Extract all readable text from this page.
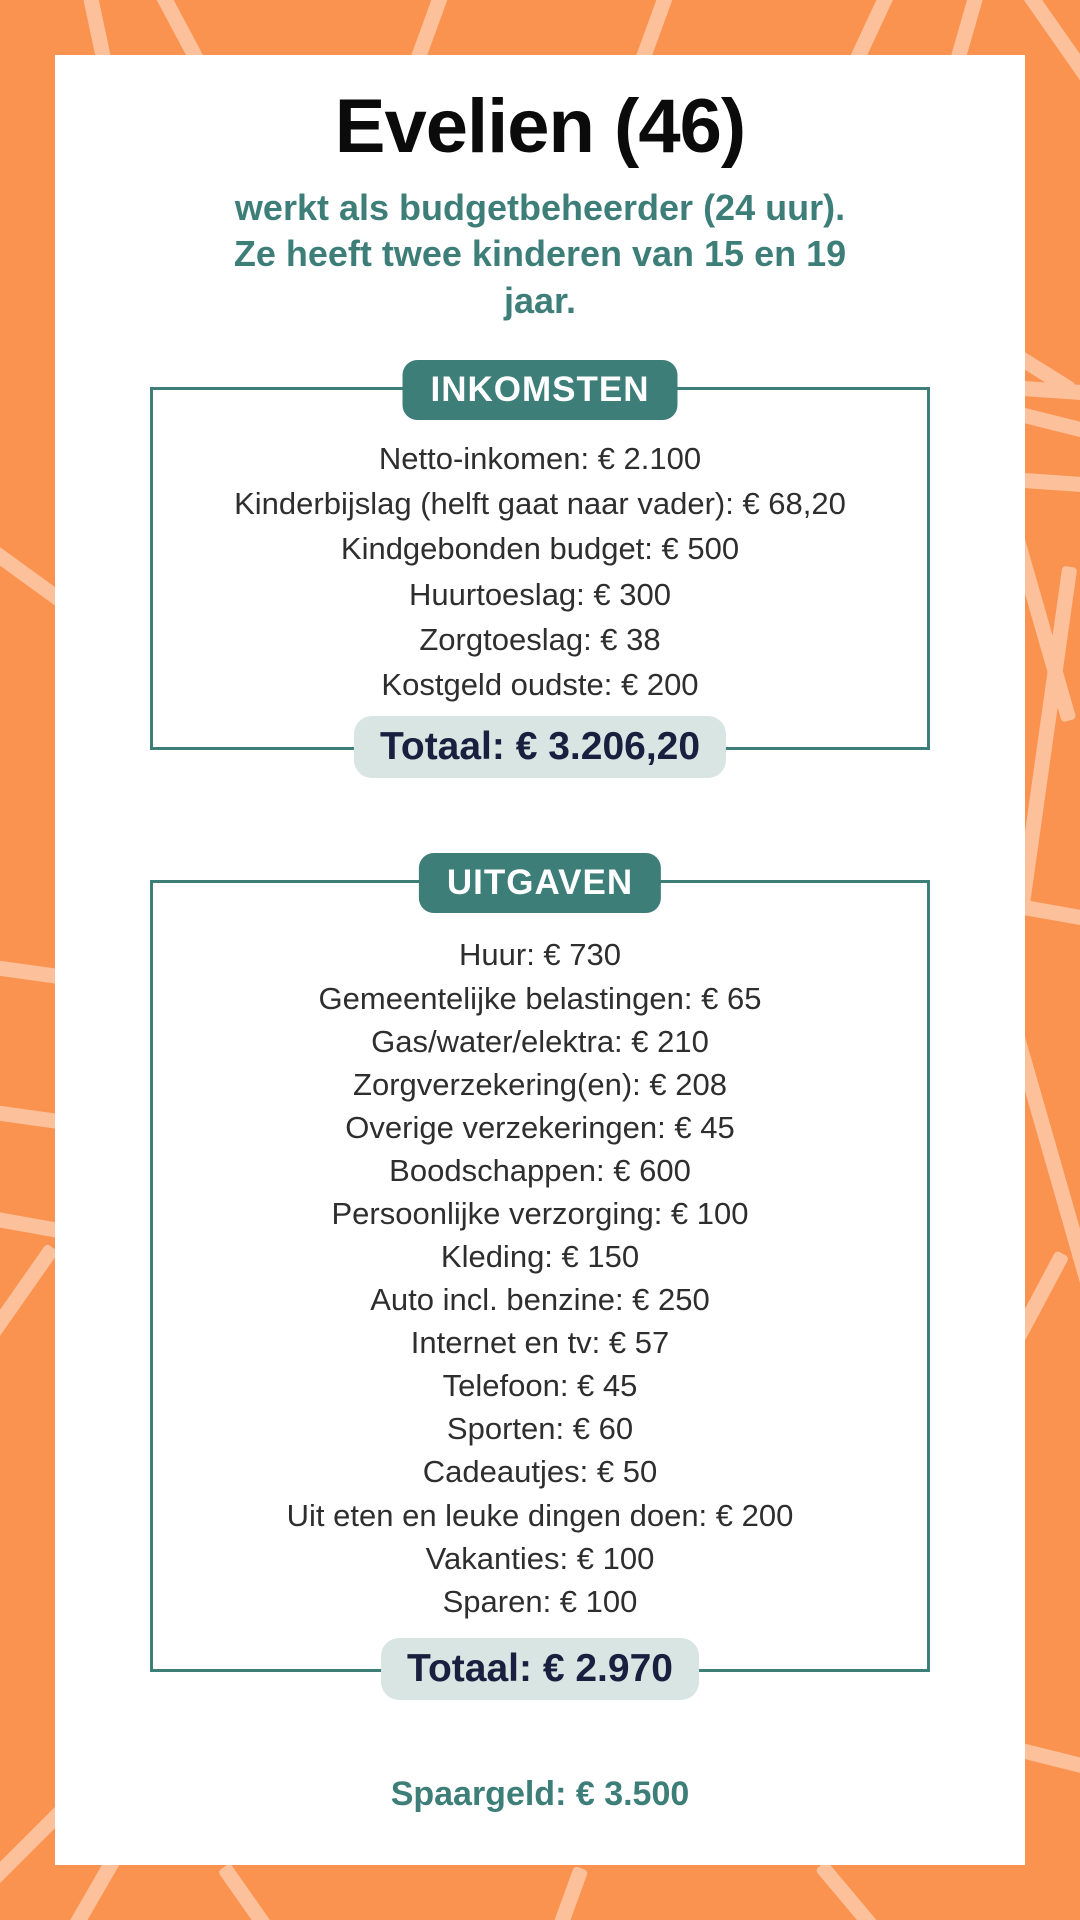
Evelien (46)
werkt als budgetbeheerder (24 uur).
Ze heeft twee kinderen van 15 en 19
jaar.
INKOMSTEN
Netto-inkomen: € 2.100
Kinderbijslag (helft gaat naar vader): € 68,20
Kindgebonden budget: € 500
Huurtoeslag: € 300
Zorgtoeslag: € 38
Kostgeld oudste: € 200
Totaal: € 3.206,20
UITGAVEN
Huur: € 730
Gemeentelijke belastingen: € 65
Gas/water/elektra: € 210
Zorgverzekering(en): € 208
Overige verzekeringen: € 45
Boodschappen: € 600
Persoonlijke verzorging: € 100
Kleding: € 150
Auto incl. benzine: € 250
Internet en tv: € 57
Telefoon: € 45
Sporten: € 60
Cadeautjes: € 50
Uit eten en leuke dingen doen: € 200
Vakanties: € 100
Sparen: € 100
Totaal: € 2.970
Spaargeld: € 3.500
